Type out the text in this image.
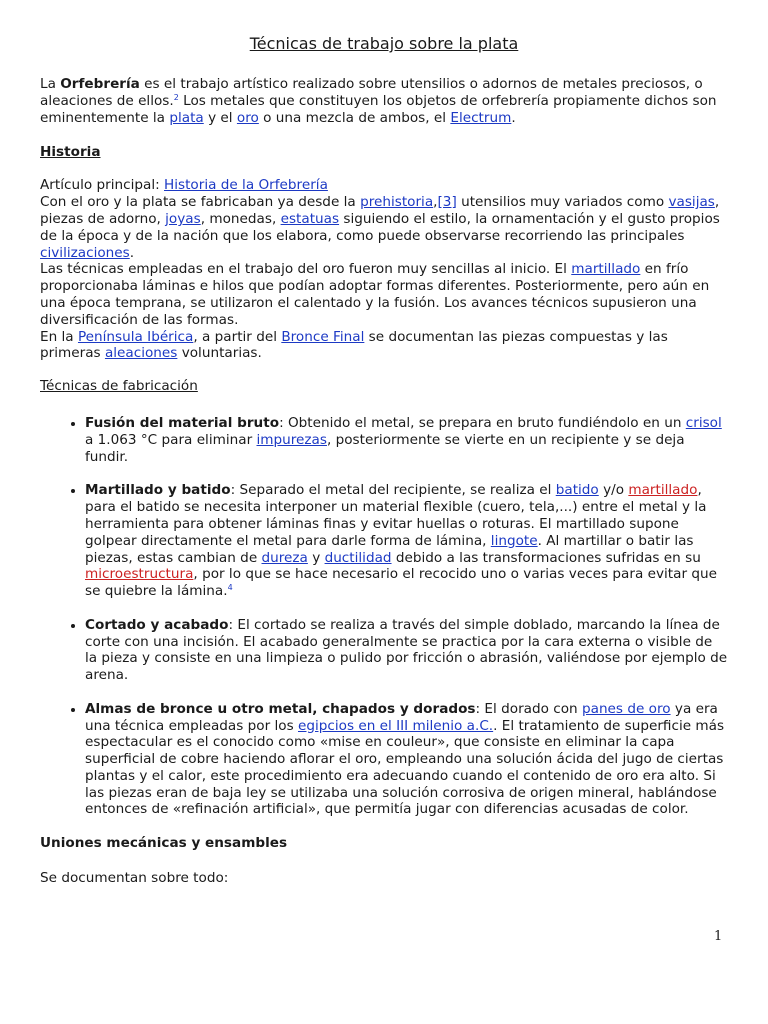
Técnicas de trabajo sobre la plata

La Orfebrería es el trabajo artístico realizado sobre utensilios o adornos de metales preciosos, o aleaciones de ellos.$^2$ Los metales que constituyen los objetos de orfebrería propiamente dichos son eminentemente la plata y el oro o una mezcla de ambos, el Electrum.

Historia

Artículo principal: Historia de la Orfebrería

Con el oro y la plata se fabricaban ya desde la prehistoria,[3] utensilios muy variados como vasijas, piezas de adorno, joyas, monedas, estatuas siguiendo el estilo, la ornamentación y el gusto propios de la época y de la nación que los elabora, como puede observarse recorriendo las principales civilizaciones.

Las técnicas empleadas en el trabajo del oro fueron muy sencillas al inicio. El martillado en frío proporcionaba láminas e hilos que podían adoptar formas diferentes. Posteriormente, pero aún en una época temprana, se utilizaron el calentado y la fusión. Los avances técnicos supusieron una diversificación de las formas.

En la Península Ibérica, a partir del Bronce Final se documentan las piezas compuestas y las primeras aleaciones voluntarias.

Técnicas de fabricación
• Fusión del material bruto: Obtenido el metal, se prepara en bruto fundiéndolo en un crisol a 1.063 °C para eliminar impurezas, posteriormente se vierte en un recipiente y se deja fundir.
• Martillado y batido: Separado el metal del recipiente, se realiza el batido y/o martillado, para el batido se necesita interponer un material flexible (cuero, tela,...) entre el metal y la herramienta para obtener láminas finas y evitar huellas o roturas. El martillado supone golpear directamente el metal para darle forma de lámina, lingote. Al martillar o batir las piezas, estas cambian de dureza y ductilidad debido a las transformaciones sufridas en su microestructura, por lo que se hace necesario el recocido uno o varias veces para evitar que se quiebre la lámina.$^4$
• Cortado y acabado: El cortado se realiza a través del simple doblado, marcando la línea de corte con una incisión. El acabado generalmente se practica por la cara externa o visible de la pieza y consiste en una limpieza o pulido por fricción o abrasión, valiéndose por ejemplo de arena.
• Almas de bronce u otro metal, chapados y dorados: El dorado con panes de oro ya era una técnica empleadas por los egipcios en el III milenio a.C.. El tratamiento de superficie más espectacular es el conocido como «mise en couleur», que consiste en eliminar la capa superficial de cobre haciendo aflorar el oro, empleando una solución ácida del jugo de ciertas plantas y el calor, este procedimiento era adecuando cuando el contenido de oro era alto. Si las piezas eran de baja ley se utilizaba una solución corrosiva de origen mineral, hablándose entonces de «refinación artificial», que permitía jugar con diferencias acusadas de color.
Uniones mecánicas y ensambles

Se documentan sobre todo:

1
